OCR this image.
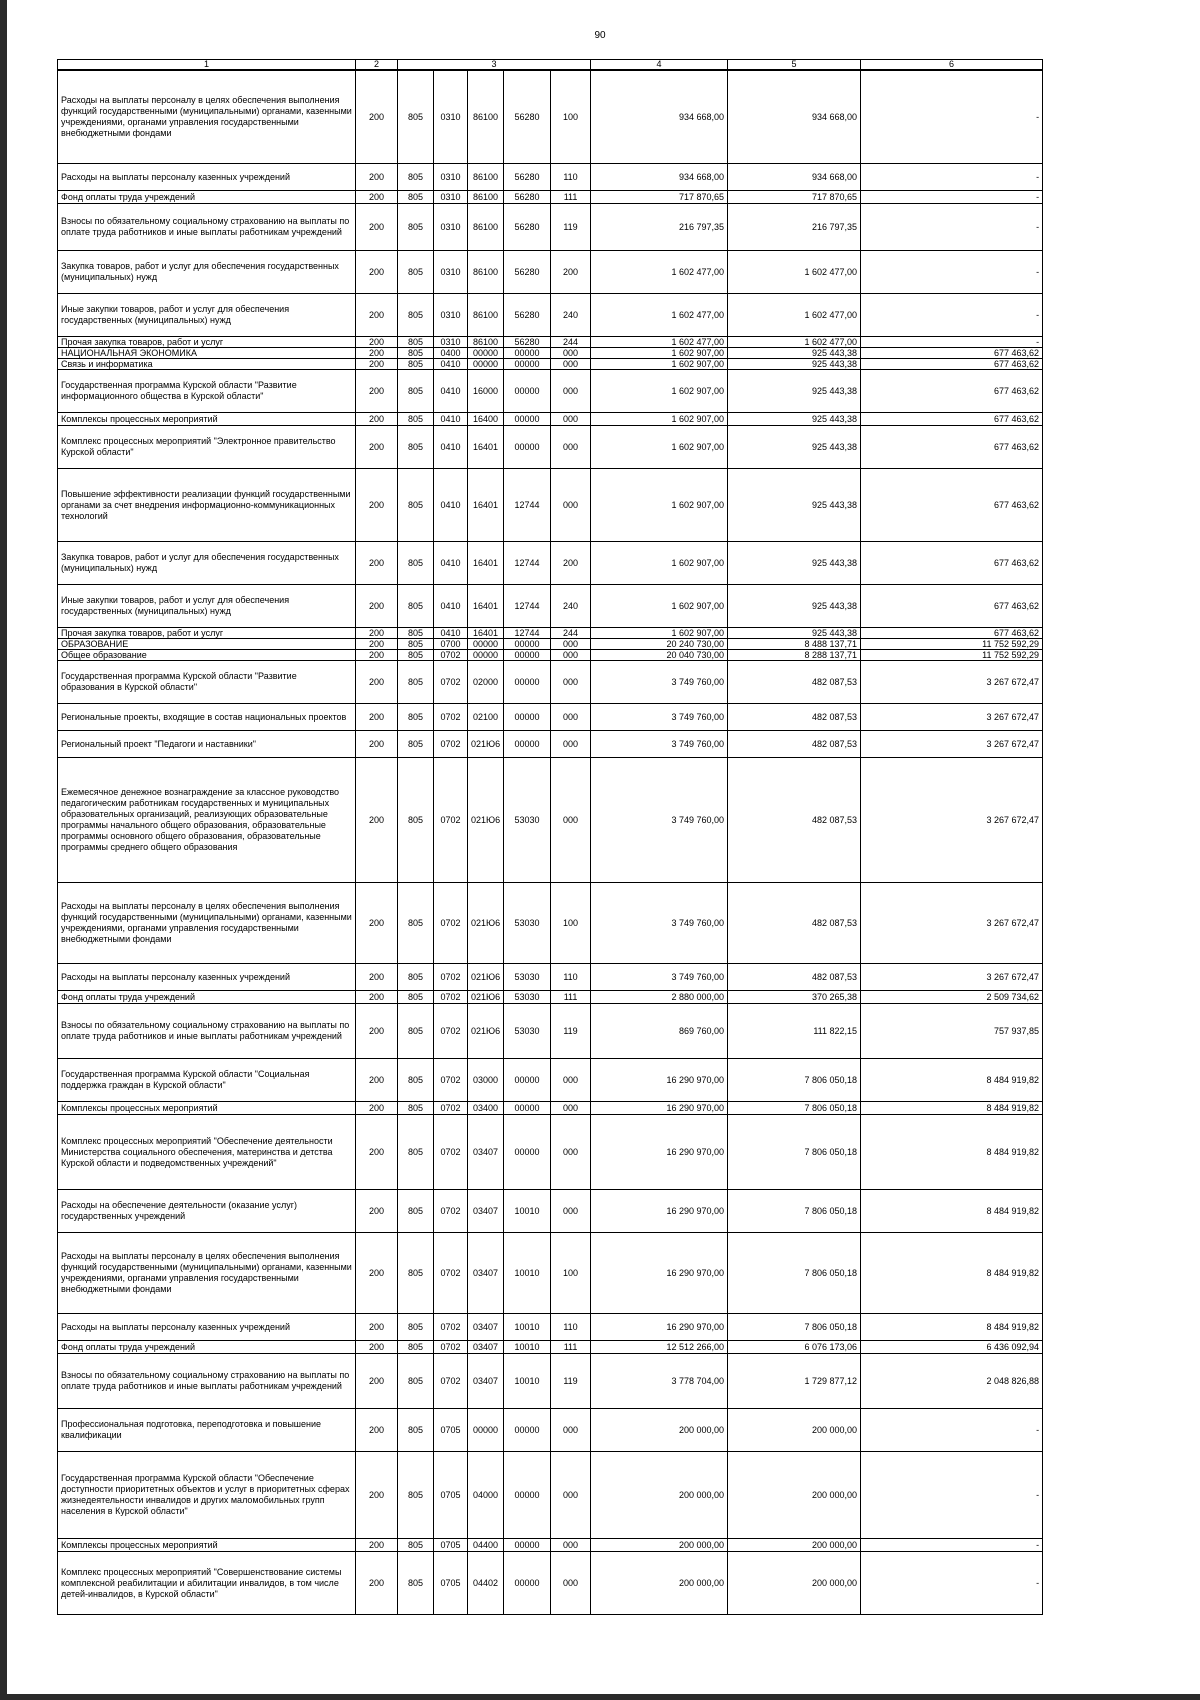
90
1	2	3					4	5	6
Расходы на выплаты персоналу в целях обеспечения выполнения функций государственными (муниципальными) органами, казенными учреждениями, органами управления государственными внебюджетными фондами	200	805	0310	86100	56280	100	934 668,00	934 668,00	-
Расходы на выплаты персоналу казенных учреждений	200	805	0310	86100	56280	110	934 668,00	934 668,00	-
Фонд оплаты труда учреждений	200	805	0310	86100	56280	111	717 870,65	717 870,65	-
Взносы по обязательному социальному страхованию на выплаты по оплате труда работников и иные выплаты работникам учреждений	200	805	0310	86100	56280	119	216 797,35	216 797,35	-
Закупка товаров, работ и услуг для обеспечения государственных (муниципальных) нужд	200	805	0310	86100	56280	200	1 602 477,00	1 602 477,00	-
Иные закупки товаров, работ и услуг для обеспечения государственных (муниципальных) нужд	200	805	0310	86100	56280	240	1 602 477,00	1 602 477,00	-
Прочая закупка товаров, работ и услуг	200	805	0310	86100	56280	244	1 602 477,00	1 602 477,00	-
НАЦИОНАЛЬНАЯ ЭКОНОМИКА	200	805	0400	00000	00000	000	1 602 907,00	925 443,38	677 463,62
Связь и информатика	200	805	0410	00000	00000	000	1 602 907,00	925 443,38	677 463,62
Государственная программа Курской области "Развитие информационного общества в Курской области"	200	805	0410	16000	00000	000	1 602 907,00	925 443,38	677 463,62
Комплексы процессных мероприятий	200	805	0410	16400	00000	000	1 602 907,00	925 443,38	677 463,62
Комплекс процессных мероприятий "Электронное правительство Курской области"	200	805	0410	16401	00000	000	1 602 907,00	925 443,38	677 463,62
Повышение эффективности реализации функций государственными органами за счет внедрения информационно-коммуникационных технологий	200	805	0410	16401	12744	000	1 602 907,00	925 443,38	677 463,62
Закупка товаров, работ и услуг для обеспечения государственных (муниципальных) нужд	200	805	0410	16401	12744	200	1 602 907,00	925 443,38	677 463,62
Иные закупки товаров, работ и услуг для обеспечения государственных (муниципальных) нужд	200	805	0410	16401	12744	240	1 602 907,00	925 443,38	677 463,62
Прочая закупка товаров, работ и услуг	200	805	0410	16401	12744	244	1 602 907,00	925 443,38	677 463,62
ОБРАЗОВАНИЕ	200	805	0700	00000	00000	000	20 240 730,00	8 488 137,71	11 752 592,29
Общее образование	200	805	0702	00000	00000	000	20 040 730,00	8 288 137,71	11 752 592,29
Государственная программа Курской области "Развитие образования в Курской области"	200	805	0702	02000	00000	000	3 749 760,00	482 087,53	3 267 672,47
Региональные проекты, входящие в состав национальных проектов	200	805	0702	02100	00000	000	3 749 760,00	482 087,53	3 267 672,47
Региональный проект "Педагоги и наставники"	200	805	0702	021Ю6	00000	000	3 749 760,00	482 087,53	3 267 672,47
Ежемесячное денежное вознаграждение за классное руководство педагогическим работникам государственных и муниципальных образовательных организаций, реализующих образовательные программы начального общего образования, образовательные программы основного общего образования, образовательные программы среднего общего образования	200	805	0702	021Ю6	53030	000	3 749 760,00	482 087,53	3 267 672,47
Расходы на выплаты персоналу в целях обеспечения выполнения функций государственными (муниципальными) органами, казенными учреждениями, органами управления государственными внебюджетными фондами	200	805	0702	021Ю6	53030	100	3 749 760,00	482 087,53	3 267 672,47
Расходы на выплаты персоналу казенных учреждений	200	805	0702	021Ю6	53030	110	3 749 760,00	482 087,53	3 267 672,47
Фонд оплаты труда учреждений	200	805	0702	021Ю6	53030	111	2 880 000,00	370 265,38	2 509 734,62
Взносы по обязательному социальному страхованию на выплаты по оплате труда работников и иные выплаты работникам учреждений	200	805	0702	021Ю6	53030	119	869 760,00	111 822,15	757 937,85
Государственная программа Курской области "Социальная поддержка граждан в Курской области"	200	805	0702	03000	00000	000	16 290 970,00	7 806 050,18	8 484 919,82
Комплексы процессных мероприятий	200	805	0702	03400	00000	000	16 290 970,00	7 806 050,18	8 484 919,82
Комплекс процессных мероприятий "Обеспечение деятельности Министерства социального обеспечения, материнства и детства Курской области и подведомственных учреждений"	200	805	0702	03407	00000	000	16 290 970,00	7 806 050,18	8 484 919,82
Расходы на обеспечение деятельности (оказание услуг) государственных учреждений	200	805	0702	03407	10010	000	16 290 970,00	7 806 050,18	8 484 919,82
Расходы на выплаты персоналу в целях обеспечения выполнения функций государственными (муниципальными) органами, казенными учреждениями, органами управления государственными внебюджетными фондами	200	805	0702	03407	10010	100	16 290 970,00	7 806 050,18	8 484 919,82
Расходы на выплаты персоналу казенных учреждений	200	805	0702	03407	10010	110	16 290 970,00	7 806 050,18	8 484 919,82
Фонд оплаты труда учреждений	200	805	0702	03407	10010	111	12 512 266,00	6 076 173,06	6 436 092,94
Взносы по обязательному социальному страхованию на выплаты по оплате труда работников и иные выплаты работникам учреждений	200	805	0702	03407	10010	119	3 778 704,00	1 729 877,12	2 048 826,88
Профессиональная подготовка, переподготовка и повышение квалификации	200	805	0705	00000	00000	000	200 000,00	200 000,00	-
Государственная программа Курской области "Обеспечение доступности приоритетных объектов и услуг в приоритетных сферах жизнедеятельности инвалидов и других маломобильных групп населения в Курской области"	200	805	0705	04000	00000	000	200 000,00	200 000,00	-
Комплексы процессных мероприятий	200	805	0705	04400	00000	000	200 000,00	200 000,00	-
Комплекс процессных мероприятий "Совершенствование системы комплексной реабилитации и абилитации инвалидов, в том числе детей-инвалидов, в Курской области"	200	805	0705	04402	00000	000	200 000,00	200 000,00	-
